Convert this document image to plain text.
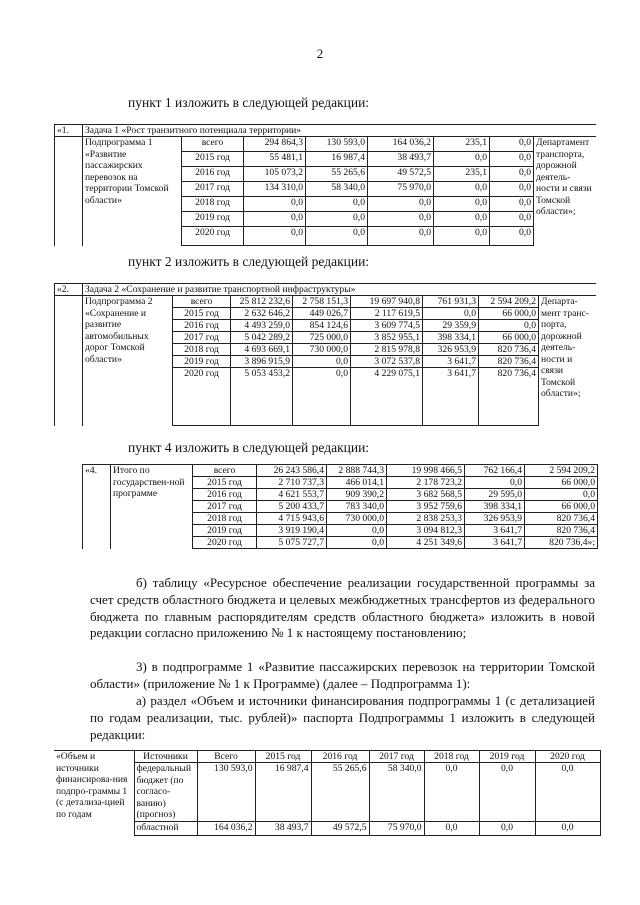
2
пункт 1 изложить в следующей редакции:
«1.	Задача 1 «Рост транзитного потенциала территории»							
	Подпрограмма 1 «Развитие пассажирских перевозок на территории Томской области»	всего	294 864,3	130 593,0	164 036,2	235,1	0,0	Департамент транспорта, дорожной деятель-ности и связи Томской области»;
		2015 год	55 481,1	16 987,4	38 493,7	0,0	0,0	
		2016 год	105 073,2	55 265,6	49 572,5	235,1	0,0	
		2017 год	134 310,0	58 340,0	75 970,0	0,0	0,0	
		2018 год	0,0	0,0	0,0	0,0	0,0	
		2019 год	0,0	0,0	0,0	0,0	0,0	
		2020 год	0,0	0,0	0,0	0,0	0,0	
пункт 2 изложить в следующей редакции:
«2.	Задача 2 «Сохранение и развитие транспортной инфраструктуры»							
	Подпрограмма 2 «Сохранение и развитие автомобильных дорог Томской области»	всего	25 812 232,6	2 758 151,3	19 697 940,8	761 931,3	2 594 209,2	Департа-мент транс-порта, дорожной деятель-ности и связи Томской области»;
		2015 год	2 632 646,2	449 026,7	2 117 619,5	0,0	66 000,0	
		2016 год	4 493 259,0	854 124,6	3 609 774,5	29 359,9	0,0	
		2017 год	5 042 289,2	725 000,0	3 852 955,1	398 334,1	66 000,0	
		2018 год	4 693 669,1	730 000,0	2 815 978,8	326 953,9	820 736,4	
		2019 год	3 896 915,9	0,0	3 072 537,8	3 641,7	820 736,4	
		2020 год	5 053 453,2	0,0	4 229 075,1	3 641,7	820 736,4	
пункт 4 изложить в следующей редакции:
«4.	Итого по государствен-ной программе	всего	26 243 586,4	2 888 744,3	19 998 466,5	762 166,4	2 594 209,2
		2015 год	2 710 737,3	466 014,1	2 178 723,2	0,0	66 000,0
		2016 год	4 621 553,7	909 390,2	3 682 568,5	29 595,0	0,0
		2017 год	5 200 433,7	783 340,0	3 952 759,6	398 334,1	66 000,0
		2018 год	4 715 943,6	730 000,0	2 838 253,3	326 953,9	820 736,4
		2019 год	3 919 190,4	0,0	3 094 812,3	3 641,7	820 736,4
		2020 год	5 075 727,7	0,0	4 251 349,6	3 641,7	820 736,4»;
б) таблицу «Ресурсное обеспечение реализации государственной программы за счет средств областного бюджета и целевых межбюджетных трансфертов из федерального бюджета по главным распорядителям средств областного бюджета» изложить в новой редакции согласно приложению № 1 к настоящему постановлению;
3) в подпрограмме 1 «Развитие пассажирских перевозок на территории Томской области» (приложение № 1 к Программе) (далее – Подпрограмма 1):
а) раздел «Объем и источники финансирования подпрограммы 1 (с детализацией по годам реализации, тыс. рублей)» паспорта Подпрограммы 1 изложить в следующей редакции:
«Объем и источники финансирова-ния подпро-граммы 1 (с детализа-цией по годам	Источники	Всего	2015 год	2016 год	2017 год	2018 год	2019 год	2020 год
	федеральный бюджет (по согласо-ванию) (прогноз)	130 593,0	16 987,4	55 265,6	58 340,0	0,0	0,0	0,0
	областной	164 036,2	38 493,7	49 572,5	75 970,0	0,0	0,0	0,0
